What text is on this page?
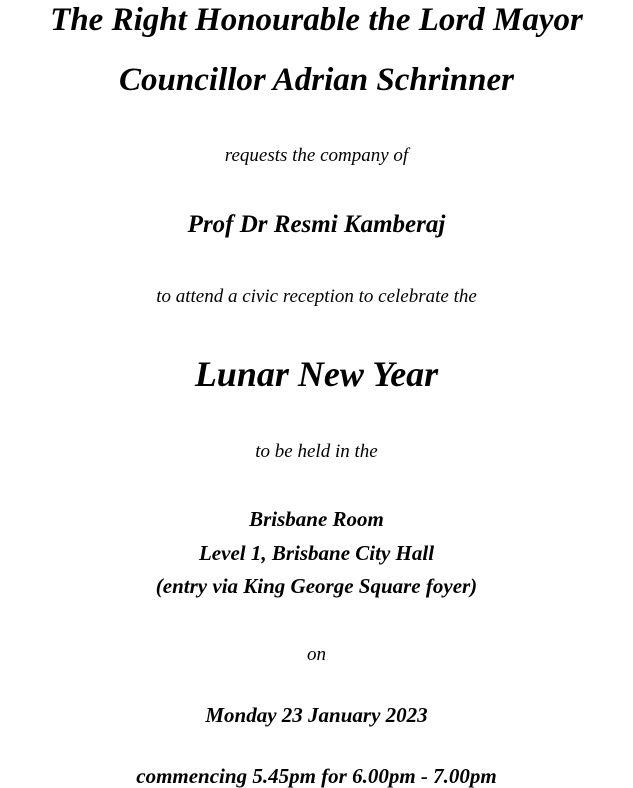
The Right Honourable the Lord Mayor
Councillor Adrian Schrinner
requests the company of
Prof Dr Resmi Kamberaj
to attend a civic reception to celebrate the
Lunar New Year
to be held in the
Brisbane Room
Level 1, Brisbane City Hall
(entry via King George Square foyer)
on
Monday 23 January 2023
commencing 5.45pm for 6.00pm - 7.00pm
